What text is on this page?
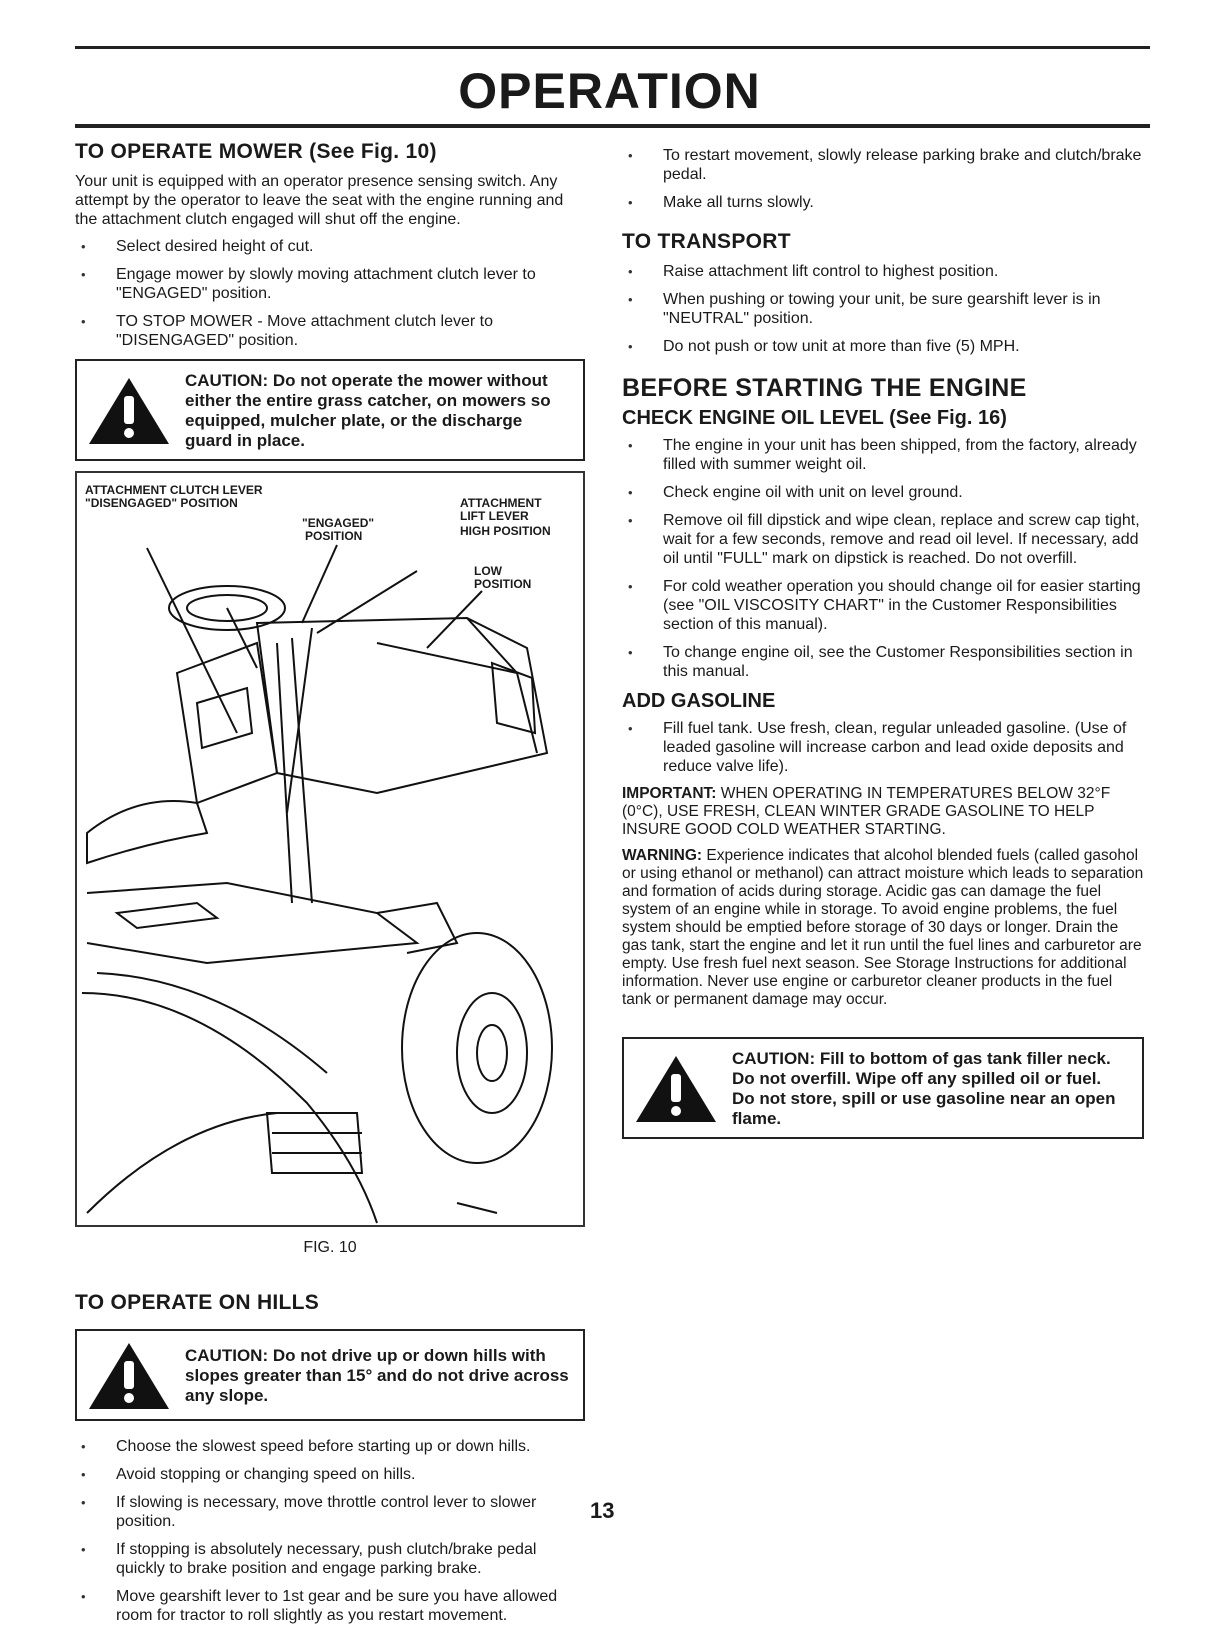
OPERATION
TO OPERATE MOWER (See Fig. 10)

Your unit is equipped with an operator presence sensing switch. Any attempt by the operator to leave the seat with the engine running and the attachment clutch engaged will shut off the engine.

• Select desired height of cut.
• Engage mower by slowly moving attachment clutch lever to "ENGAGED" position.
• TO STOP MOWER - Move attachment clutch lever to "DISENGAGED" position.
CAUTION: Do not operate the mower without either the entire grass catcher, on mowers so equipped, mulcher plate, or the discharge guard in place.
ATTACHMENT CLUTCH LEVER
"DISENGAGED" POSITION
"ENGAGED"
POSITION
ATTACHMENT
LIFT LEVER
HIGH POSITION
LOW
POSITION
FIG. 10
TO OPERATE ON HILLS
CAUTION: Do not drive up or down hills with slopes greater than 15° and do not drive across any slope.
• Choose the slowest speed before starting up or down hills.
• Avoid stopping or changing speed on hills.
• If slowing is necessary, move throttle control lever to slower position.
• If stopping is absolutely necessary, push clutch/brake pedal quickly to brake position and engage parking brake.
• Move gearshift lever to 1st gear and be sure you have allowed room for tractor to roll slightly as you restart movement.
• To restart movement, slowly release parking brake and clutch/brake pedal.
• Make all turns slowly.
TO TRANSPORT
• Raise attachment lift control to highest position.
• When pushing or towing your unit, be sure gearshift lever is in "NEUTRAL" position.
• Do not push or tow unit at more than five (5) MPH.
BEFORE STARTING THE ENGINE
CHECK ENGINE OIL LEVEL (See Fig. 16)
• The engine in your unit has been shipped, from the factory, already filled with summer weight oil.
• Check engine oil with unit on level ground.
• Remove oil fill dipstick and wipe clean, replace and screw cap tight, wait for a few seconds, remove and read oil level. If necessary, add oil until "FULL" mark on dipstick is reached. Do not overfill.
• For cold weather operation you should change oil for easier starting (see "OIL VISCOSITY CHART" in the Customer Responsibilities section of this manual).
• To change engine oil, see the Customer Responsibilities section in this manual.
ADD GASOLINE
• Fill fuel tank. Use fresh, clean, regular unleaded gasoline. (Use of leaded gasoline will increase carbon and lead oxide deposits and reduce valve life).

IMPORTANT: WHEN OPERATING IN TEMPERATURES BELOW 32°F (0°C), USE FRESH, CLEAN WINTER GRADE GASOLINE TO HELP INSURE GOOD COLD WEATHER STARTING.

WARNING: Experience indicates that alcohol blended fuels (called gasohol or using ethanol or methanol) can attract moisture which leads to separation and formation of acids during storage. Acidic gas can damage the fuel system of an engine while in storage. To avoid engine problems, the fuel system should be emptied before storage of 30 days or longer. Drain the gas tank, start the engine and let it run until the fuel lines and carburetor are empty. Use fresh fuel next season. See Storage Instructions for additional information. Never use engine or carburetor cleaner products in the fuel tank or permanent damage may occur.

CAUTION: Fill to bottom of gas tank filler neck. Do not overfill. Wipe off any spilled oil or fuel. Do not store, spill or use gasoline near an open flame.
13
